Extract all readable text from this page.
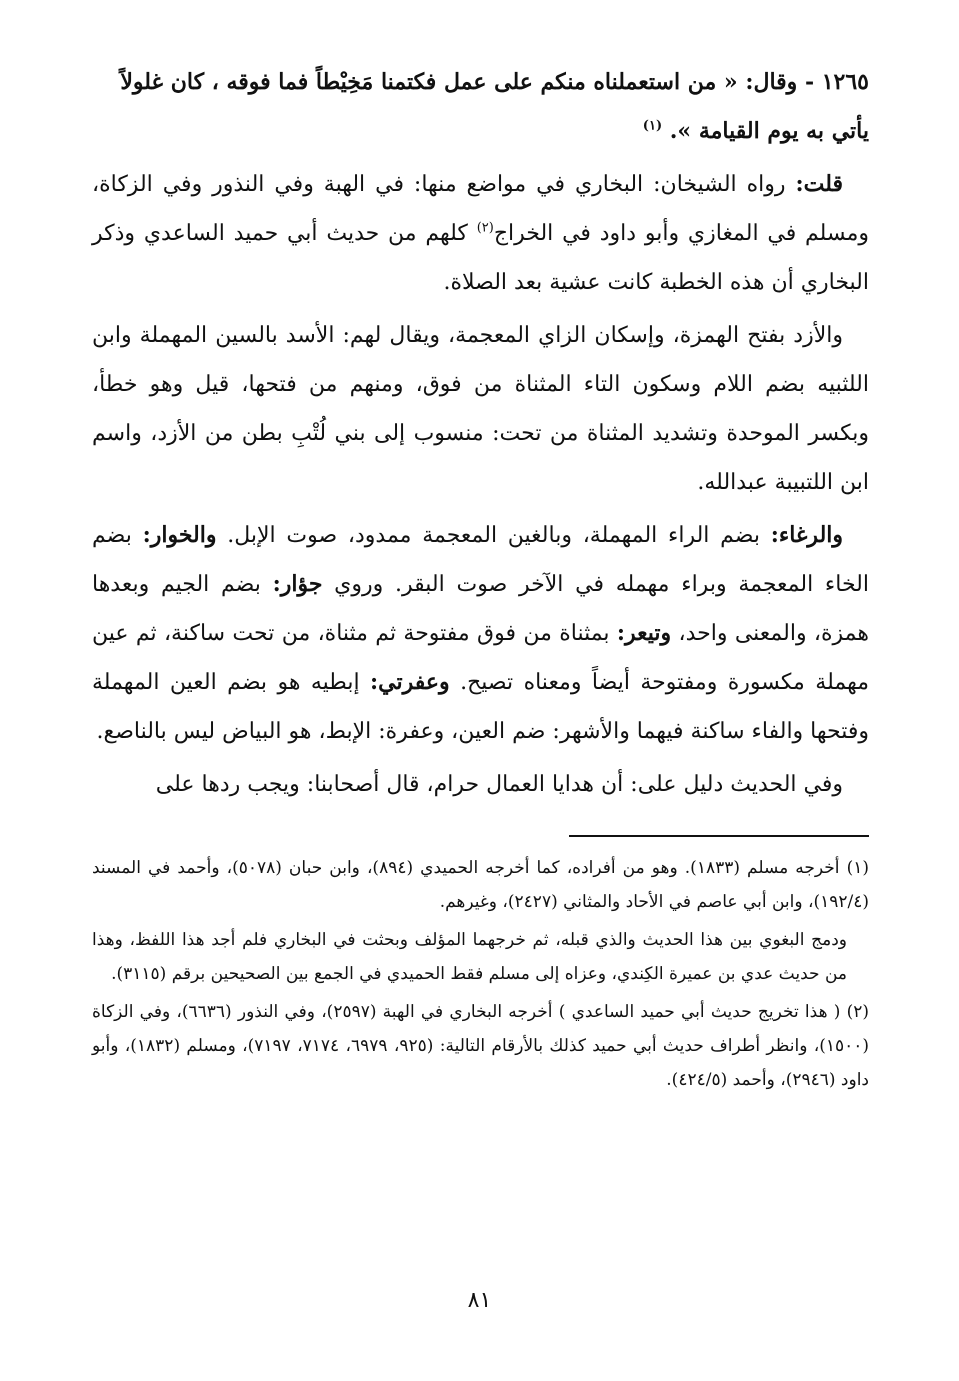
١٢٦٥ - وقال: « من استعملناه منكم على عمل فكتمنا مَخِيْطاً فما فوقه ، كان غلولاً
يأتي به يوم القيامة ». $^{(١)}$

قلت: رواه الشيخان: البخاري في مواضع منها: في الهبة وفي النذور وفي الزكاة، ومسلم في المغازي وأبو داود في الخراج$^{(٢)}$ كلهم من حديث أبي حميد الساعدي وذكر البخاري أن هذه الخطبة كانت عشية بعد الصلاة.

والأزد بفتح الهمزة، وإسكان الزاي المعجمة، ويقال لهم: الأسد بالسين المهملة وابن اللثبيه بضم اللام وسكون التاء المثناة من فوق، ومنهم من فتحها، قيل وهو خطأ، وبكسر الموحدة وتشديد المثناة من تحت: منسوب إلى بني لُتْبِ بطن من الأزد، واسم ابن اللتبيبة عبدالله.

والرغاء: بضم الراء المهملة، وبالغين المعجمة ممدود، صوت الإبل. والخوار: بضم الخاء المعجمة وبراء مهمله في الآخر صوت البقر. وروي جؤار: بضم الجيم وبعدها همزة، والمعنى واحد، وتيعر: بمثناة من فوق مفتوحة ثم مثناة، من تحت ساكنة، ثم عين مهملة مكسورة ومفتوحة أيضاً ومعناه تصيح. وعفرتي: إبطيه هو بضم العين المهملة وفتحها والفاء ساكنة فيهما والأشهر: ضم العين، وعفرة: الإبط، هو البياض ليس بالناصع.

وفي الحديث دليل على: أن هدايا العمال حرام، قال أصحابنا: ويجب ردها على

(١) أخرجه مسلم (١٨٣٣). وهو من أفراده، كما أخرجه الحميدي (٨٩٤)، وابن حبان (٥٠٧٨)، وأحمد في المسند (١٩٢/٤)، وابن أبي عاصم في الأحاد والمثاني (٢٤٢٧)، وغيرهم.

ودمج البغوي بين هذا الحديث والذي قبله، ثم خرجهما المؤلف وبحثت في البخاري فلم أجد هذا اللفظ، وهذا من حديث عدي بن عميرة الكِندي، وعزاه إلى مسلم فقط الحميدي في الجمع بين الصحيحين برقم (٣١١٥).

(٢) ( هذا تخريج حديث أبي حميد الساعدي ) أخرجه البخاري في الهبة (٢٥٩٧)، وفي النذور (٦٦٣٦)، وفي الزكاة (١٥٠٠)، وانظر أطراف حديث أبي حميد كذلك بالأرقام التالية: (٩٢٥، ٦٩٧٩، ٧١٧٤، ٧١٩٧)، ومسلم (١٨٣٢)، وأبو داود (٢٩٤٦)، وأحمد (٤٢٤/٥).

٨١
